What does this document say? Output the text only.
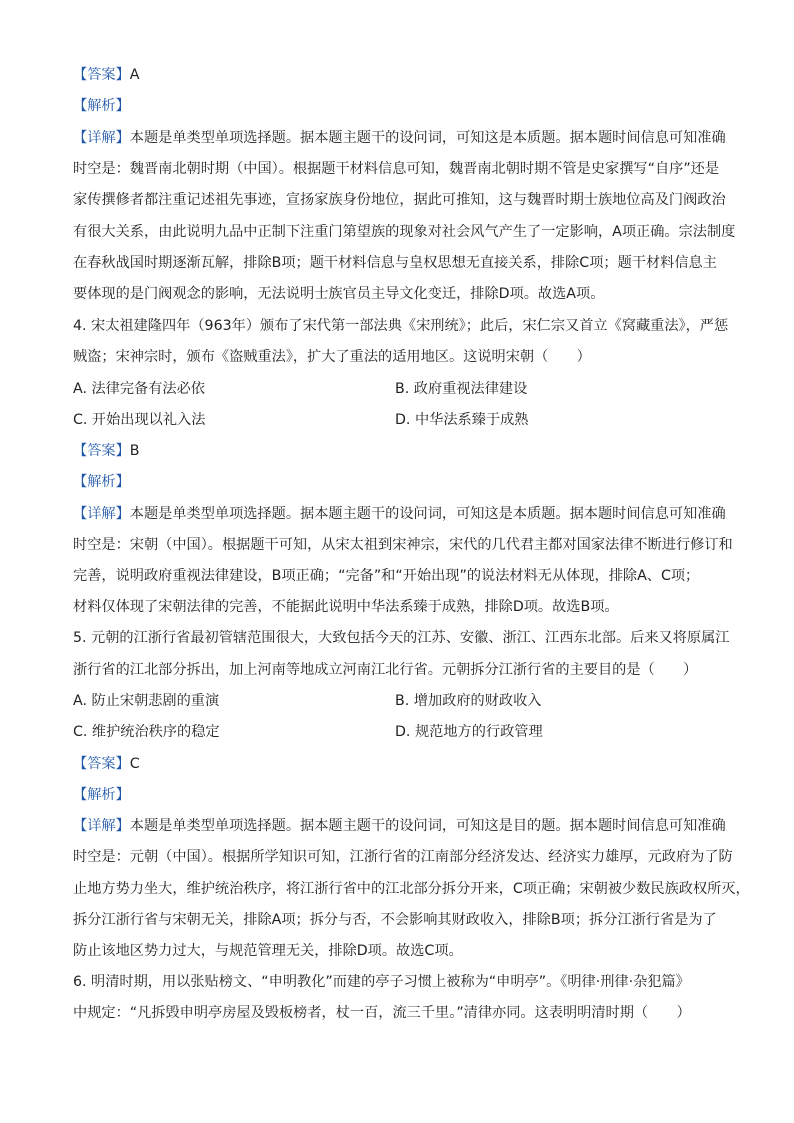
【答案】A
【解析】
【详解】本题是单类型单项选择题。据本题主题干的设问词，可知这是本质题。据本题时间信息可知准确
时空是：魏晋南北朝时期（中国）。根据题干材料信息可知，魏晋南北朝时期不管是史家撰写“自序”还是
家传撰修者都注重记述祖先事迹，宣扬家族身份地位，据此可推知，这与魏晋时期士族地位高及门阀政治
有很大关系，由此说明九品中正制下注重门第望族的现象对社会风气产生了一定影响，A项正确。宗法制度
在春秋战国时期逐渐瓦解，排除B项；题干材料信息与皇权思想无直接关系，排除C项；题干材料信息主
要体现的是门阀观念的影响，无法说明士族官员主导文化变迁，排除D项。故选A项。
4. 宋太祖建隆四年（963年）颁布了宋代第一部法典《宋刑统》；此后，宋仁宗又首立《窝藏重法》，严惩
贼盗；宋神宗时，颁布《盗贼重法》，扩大了重法的适用地区。这说明宋朝（　　）
A. 法律完备有法必依	B. 政府重视法律建设
C. 开始出现以礼入法	D. 中华法系臻于成熟
【答案】B
【解析】
【详解】本题是单类型单项选择题。据本题主题干的设问词，可知这是本质题。据本题时间信息可知准确
时空是：宋朝（中国）。根据题干可知，从宋太祖到宋神宗，宋代的几代君主都对国家法律不断进行修订和
完善，说明政府重视法律建设，B项正确；“完备”和“开始出现”的说法材料无从体现，排除A、C项；
材料仅体现了宋朝法律的完善，不能据此说明中华法系臻于成熟，排除D项。故选B项。
5. 元朝的江浙行省最初管辖范围很大，大致包括今天的江苏、安徽、浙江、江西东北部。后来又将原属江
浙行省的江北部分拆出，加上河南等地成立河南江北行省。元朝拆分江浙行省的主要目的是（　　）
A. 防止宋朝悲剧的重演	B. 增加政府的财政收入
C. 维护统治秩序的稳定	D. 规范地方的行政管理
【答案】C
【解析】
【详解】本题是单类型单项选择题。据本题主题干的设问词，可知这是目的题。据本题时间信息可知准确
时空是：元朝（中国）。根据所学知识可知，江浙行省的江南部分经济发达、经济实力雄厚，元政府为了防
止地方势力坐大，维护统治秩序，将江浙行省中的江北部分拆分开来，C项正确；宋朝被少数民族政权所灭，
拆分江浙行省与宋朝无关，排除A项；拆分与否，不会影响其财政收入，排除B项；拆分江浙行省是为了
防止该地区势力过大，与规范管理无关，排除D项。故选C项。
6. 明清时期，用以张贴榜文、“申明教化”而建的亭子习惯上被称为“申明亭”。《明律·刑律·杂犯篇》
中规定：“凡拆毁申明亭房屋及毁板榜者，杖一百，流三千里。”清律亦同。这表明明清时期（　　）
